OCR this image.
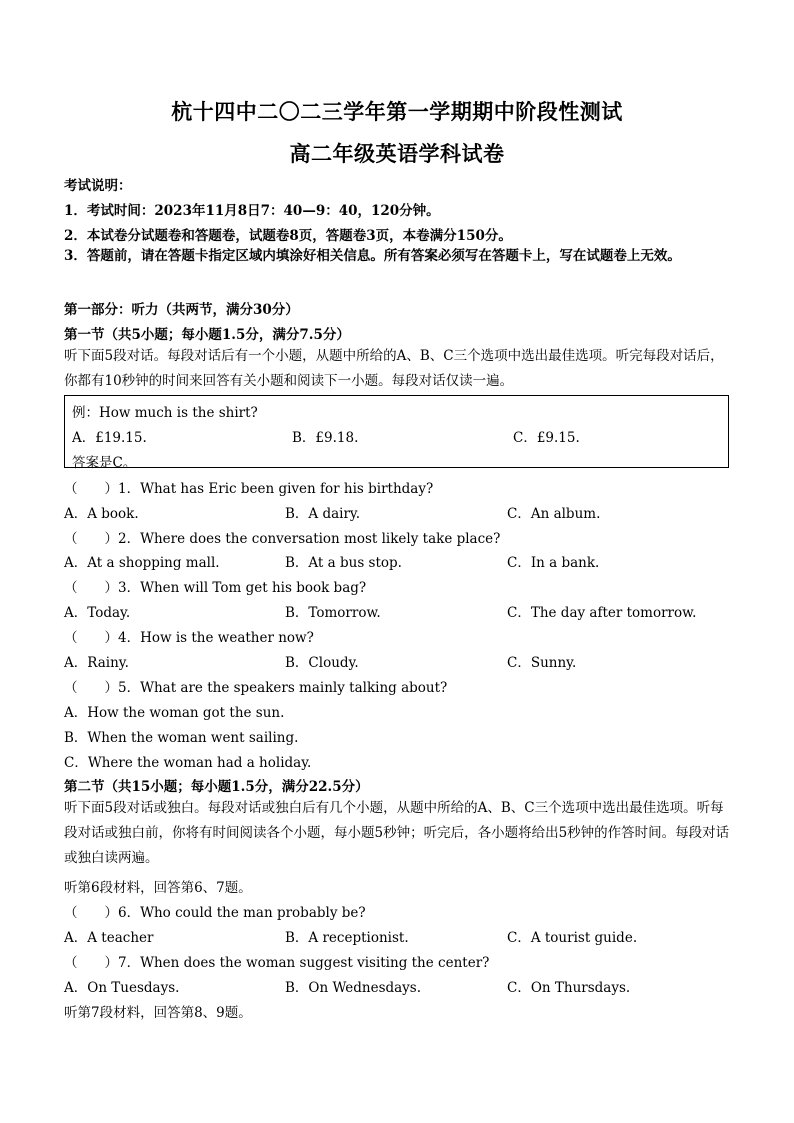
杭十四中二〇二三学年第一学期期中阶段性测试
高二年级英语学科试卷
考试说明：
1．考试时间：2023年11月8日7：40—9：40，120分钟。
2．本试卷分试题卷和答题卷，试题卷8页，答题卷3页，本卷满分150分。
3．答题前，请在答题卡指定区域内填涂好相关信息。所有答案必须写在答题卡上，写在试题卷上无效。
第一部分：听力（共两节，满分30分）
第一节（共5小题；每小题1.5分，满分7.5分）
听下面5段对话。每段对话后有一个小题，从题中所给的A、B、C三个选项中选出最佳选项。听完每段对话后，你都有10秒钟的时间来回答有关小题和阅读下一小题。每段对话仅读一遍。
例：How much is the shirt?
A．£19.15.	B．£9.18.	C．£9.15.
答案是C。
（　　）1．What has Eric been given for his birthday?
A．A book.	B．A dairy.	C．An album.
（　　）2．Where does the conversation most likely take place?
A．At a shopping mall.	B．At a bus stop.	C．In a bank.
（　　）3．When will Tom get his book bag?
A．Today.	B．Tomorrow.	C．The day after tomorrow.
（　　）4．How is the weather now?
A．Rainy.	B．Cloudy.	C．Sunny.
（　　）5．What are the speakers mainly talking about?
A．How the woman got the sun.
B．When the woman went sailing.
C．Where the woman had a holiday.
第二节（共15小题；每小题1.5分，满分22.5分）
听下面5段对话或独白。每段对话或独白后有几个小题，从题中所给的A、B、C三个选项中选出最佳选项。听每段对话或独白前，你将有时间阅读各个小题，每小题5秒钟；听完后，各小题将给出5秒钟的作答时间。每段对话或独白读两遍。
听第6段材料，回答第6、7题。
（　　）6．Who could the man probably be?
A．A teacher	B．A receptionist.	C．A tourist guide.
（　　）7．When does the woman suggest visiting the center?
A．On Tuesdays.	B．On Wednesdays.	C．On Thursdays.
听第7段材料，回答第8、9题。
